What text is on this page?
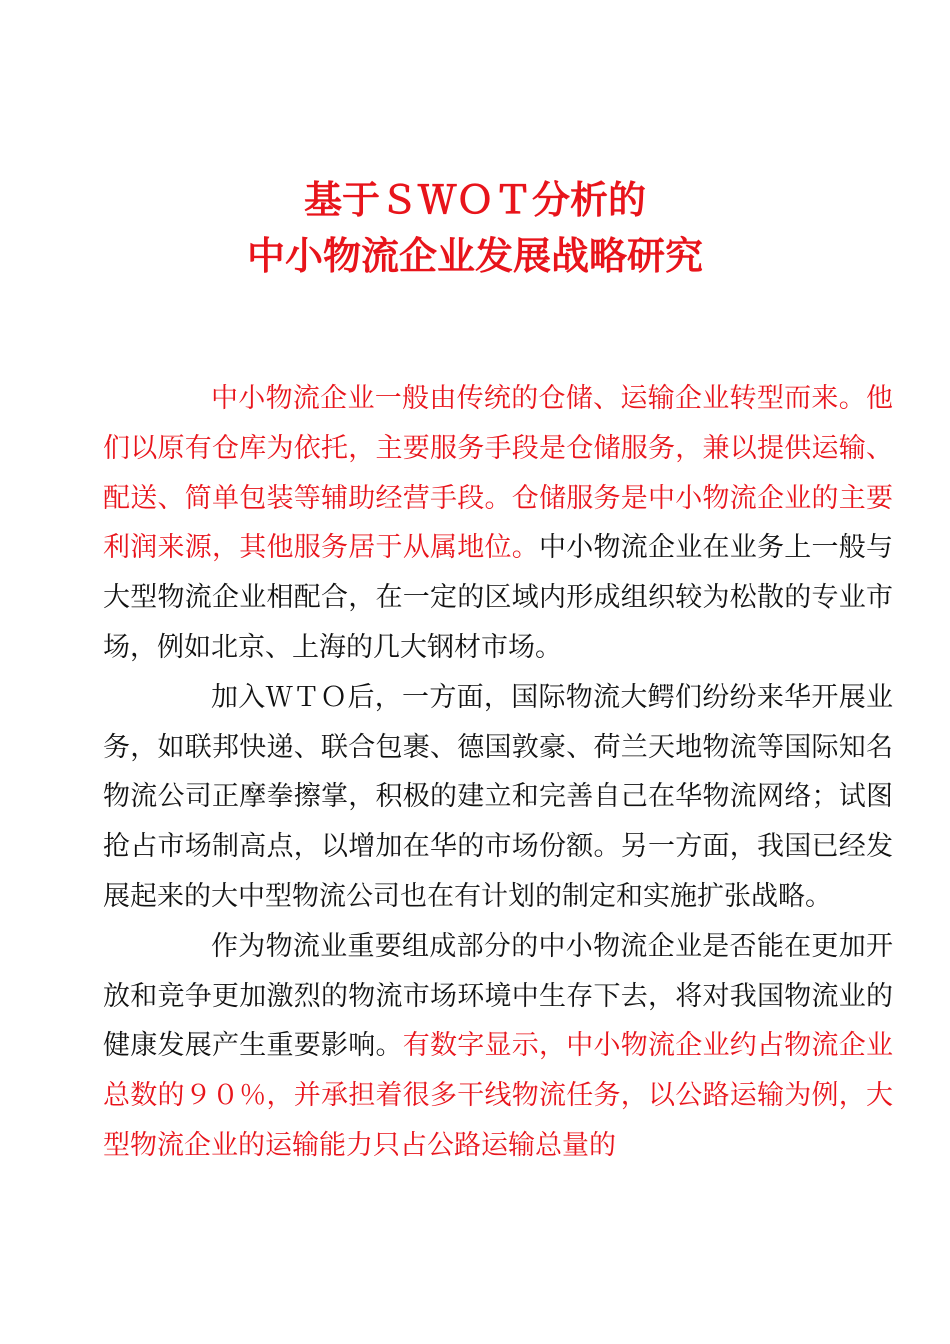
基于ＳＷＯＴ分析的
中小物流企业发展战略研究

中小物流企业一般由传统的仓储、运输企业转型而来。他们以原有仓库为依托，主要服务手段是仓储服务，兼以提供运输、配送、简单包装等辅助经营手段。仓储服务是中小物流企业的主要利润来源，其他服务居于从属地位。中小物流企业在业务上一般与大型物流企业相配合，在一定的区域内形成组织较为松散的专业市场，例如北京、上海的几大钢材市场。

加入ＷＴＯ后，一方面，国际物流大鳄们纷纷来华开展业务，如联邦快递、联合包裹、德国敦豪、荷兰天地物流等国际知名物流公司正摩拳擦掌，积极的建立和完善自己在华物流网络；试图抢占市场制高点，以增加在华的市场份额。另一方面，我国已经发展起来的大中型物流公司也在有计划的制定和实施扩张战略。

作为物流业重要组成部分的中小物流企业是否能在更加开放和竞争更加激烈的物流市场环境中生存下去，将对我国物流业的健康发展产生重要影响。有数字显示，中小物流企业约占物流企业总数的９０％，并承担着很多干线物流任务，以公路运输为例，大型物流企业的运输能力只占公路运输总量的
